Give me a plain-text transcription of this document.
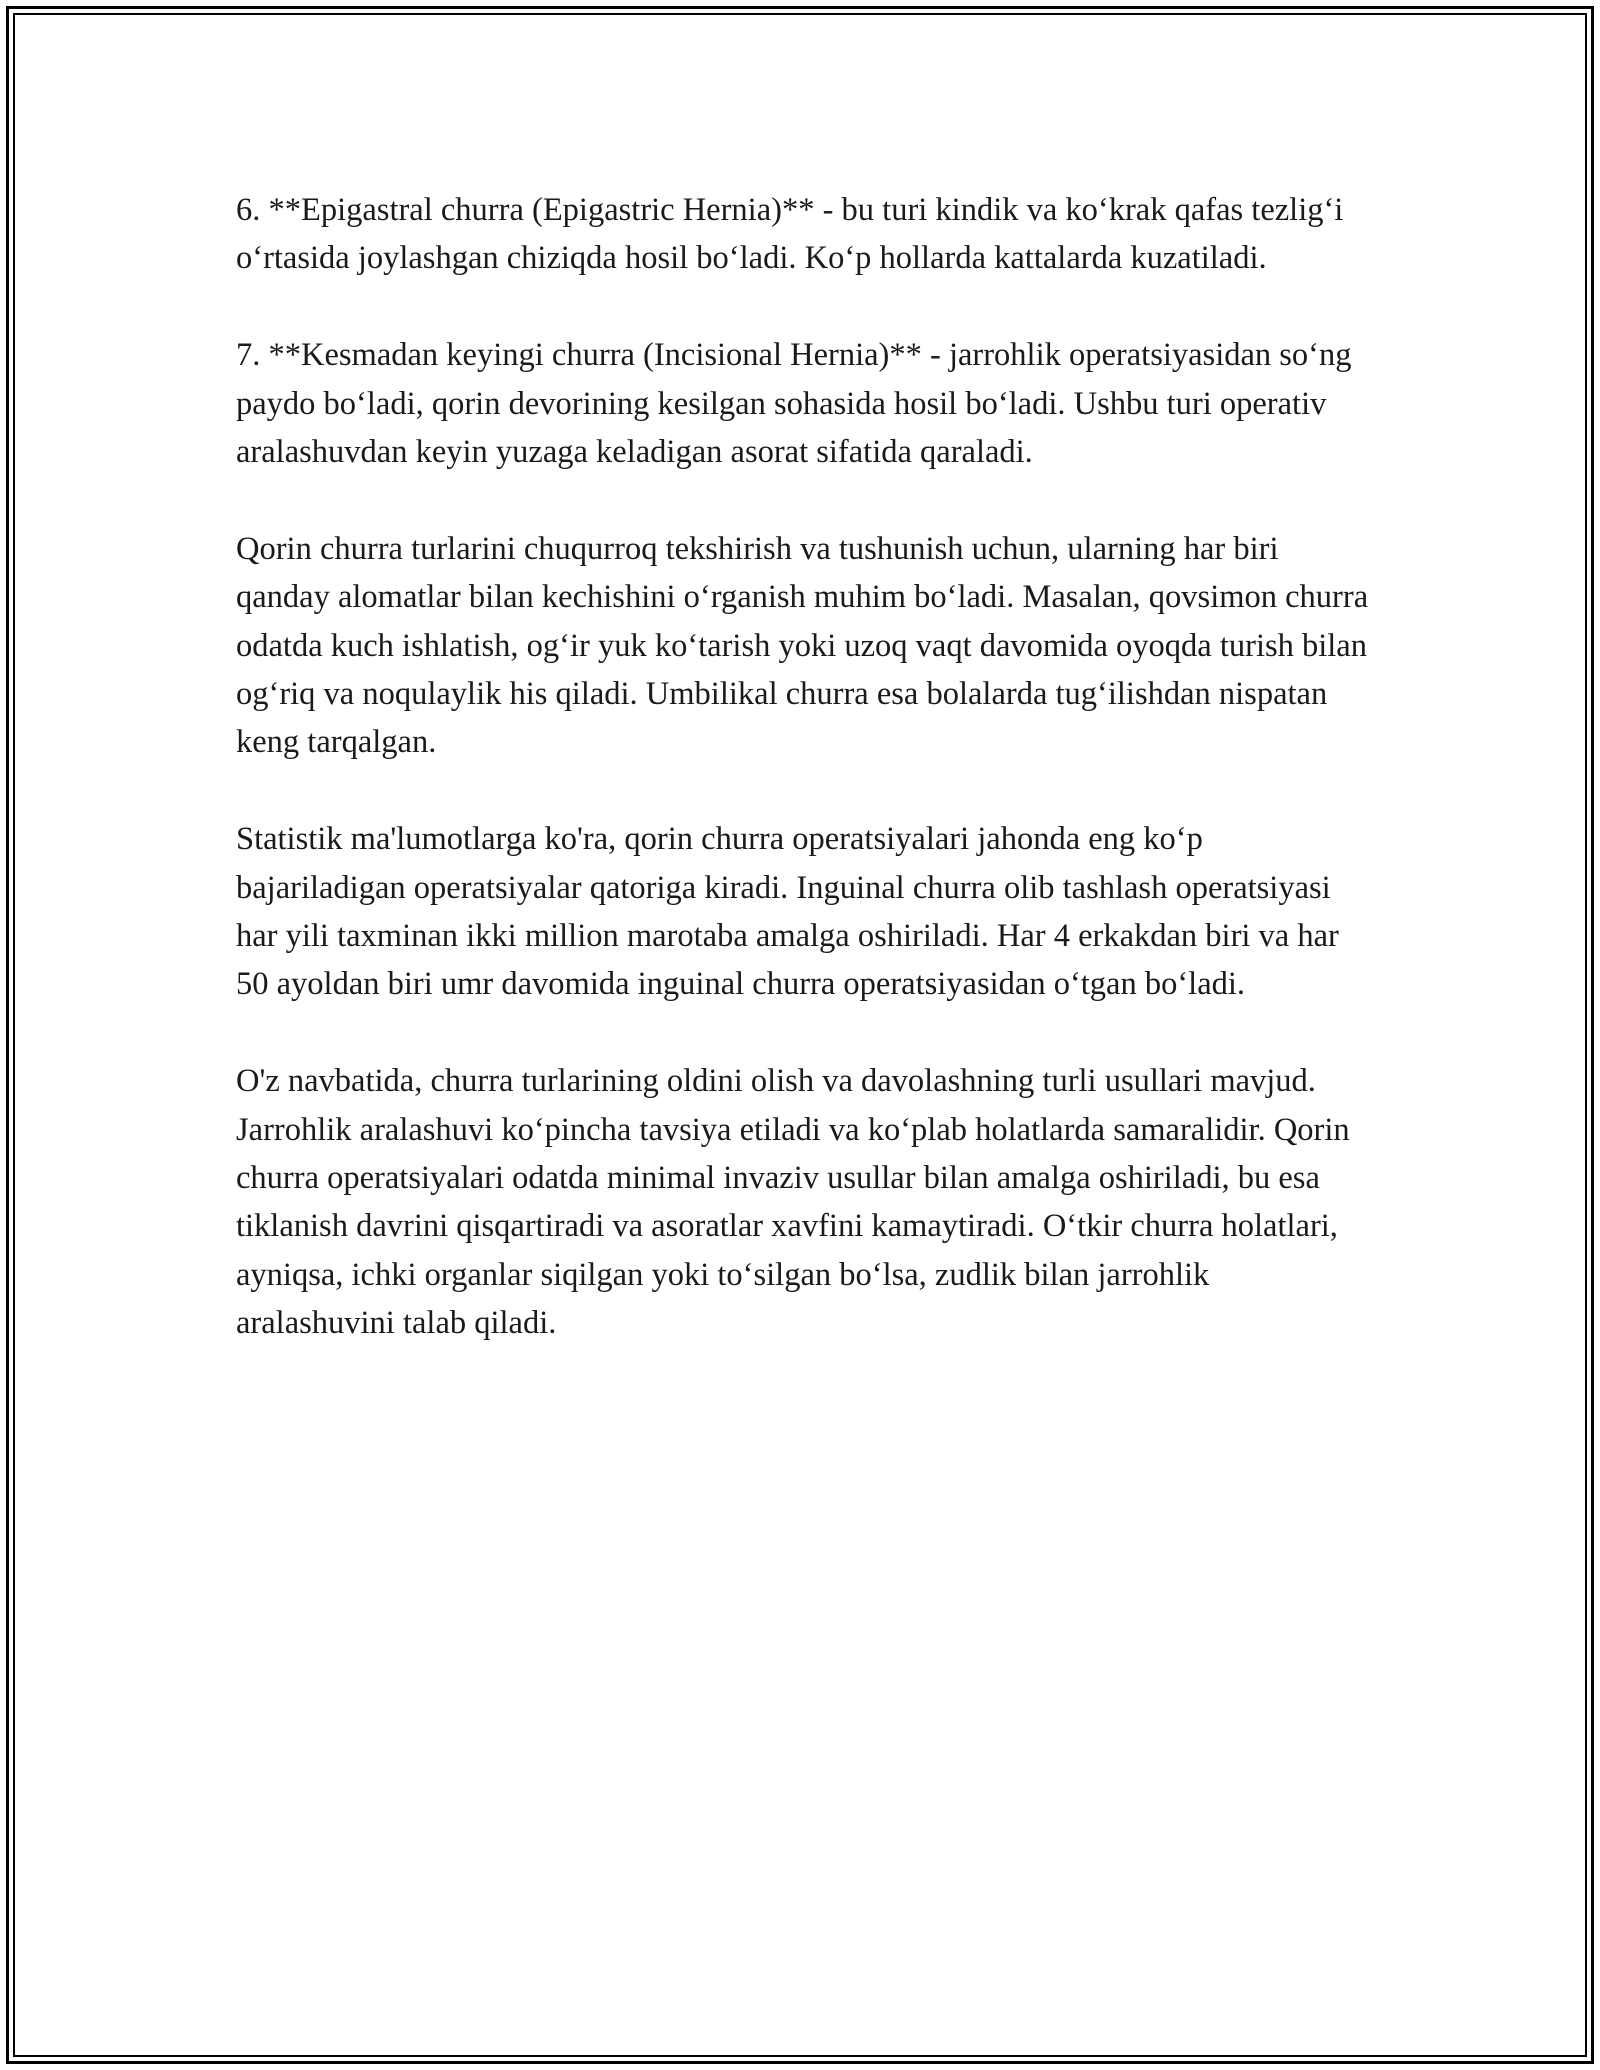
6. **Epigastral churra (Epigastric Hernia)** - bu turi kindik va ko‘krak qafas tezlig‘i o‘rtasida joylashgan chiziqda hosil bo‘ladi. Ko‘p hollarda kattalarda kuzatiladi.

7. **Kesmadan keyingi churra (Incisional Hernia)** - jarrohlik operatsiyasidan so‘ng paydo bo‘ladi, qorin devorining kesilgan sohasida hosil bo‘ladi. Ushbu turi operativ aralashuvdan keyin yuzaga keladigan asorat sifatida qaraladi.

Qorin churra turlarini chuqurroq tekshirish va tushunish uchun, ularning har biri qanday alomatlar bilan kechishini o‘rganish muhim bo‘ladi. Masalan, qovsimon churra odatda kuch ishlatish, og‘ir yuk ko‘tarish yoki uzoq vaqt davomida oyoqda turish bilan og‘riq va noqulaylik his qiladi. Umbilikal churra esa bolalarda tug‘ilishdan nispatan keng tarqalgan.

Statistik ma'lumotlarga ko'ra, qorin churra operatsiyalari jahonda eng ko‘p bajariladigan operatsiyalar qatoriga kiradi. Inguinal churra olib tashlash operatsiyasi har yili taxminan ikki million marotaba amalga oshiriladi. Har 4 erkakdan biri va har 50 ayoldan biri umr davomida inguinal churra operatsiyasidan o‘tgan bo‘ladi.

O'z navbatida, churra turlarining oldini olish va davolashning turli usullari mavjud. Jarrohlik aralashuvi ko‘pincha tavsiya etiladi va ko‘plab holatlarda samaralidir. Qorin churra operatsiyalari odatda minimal invaziv usullar bilan amalga oshiriladi, bu esa tiklanish davrini qisqartiradi va asoratlar xavfini kamaytiradi. O‘tkir churra holatlari, ayniqsa, ichki organlar siqilgan yoki to‘silgan bo‘lsa, zudlik bilan jarrohlik aralashuvini talab qiladi.
